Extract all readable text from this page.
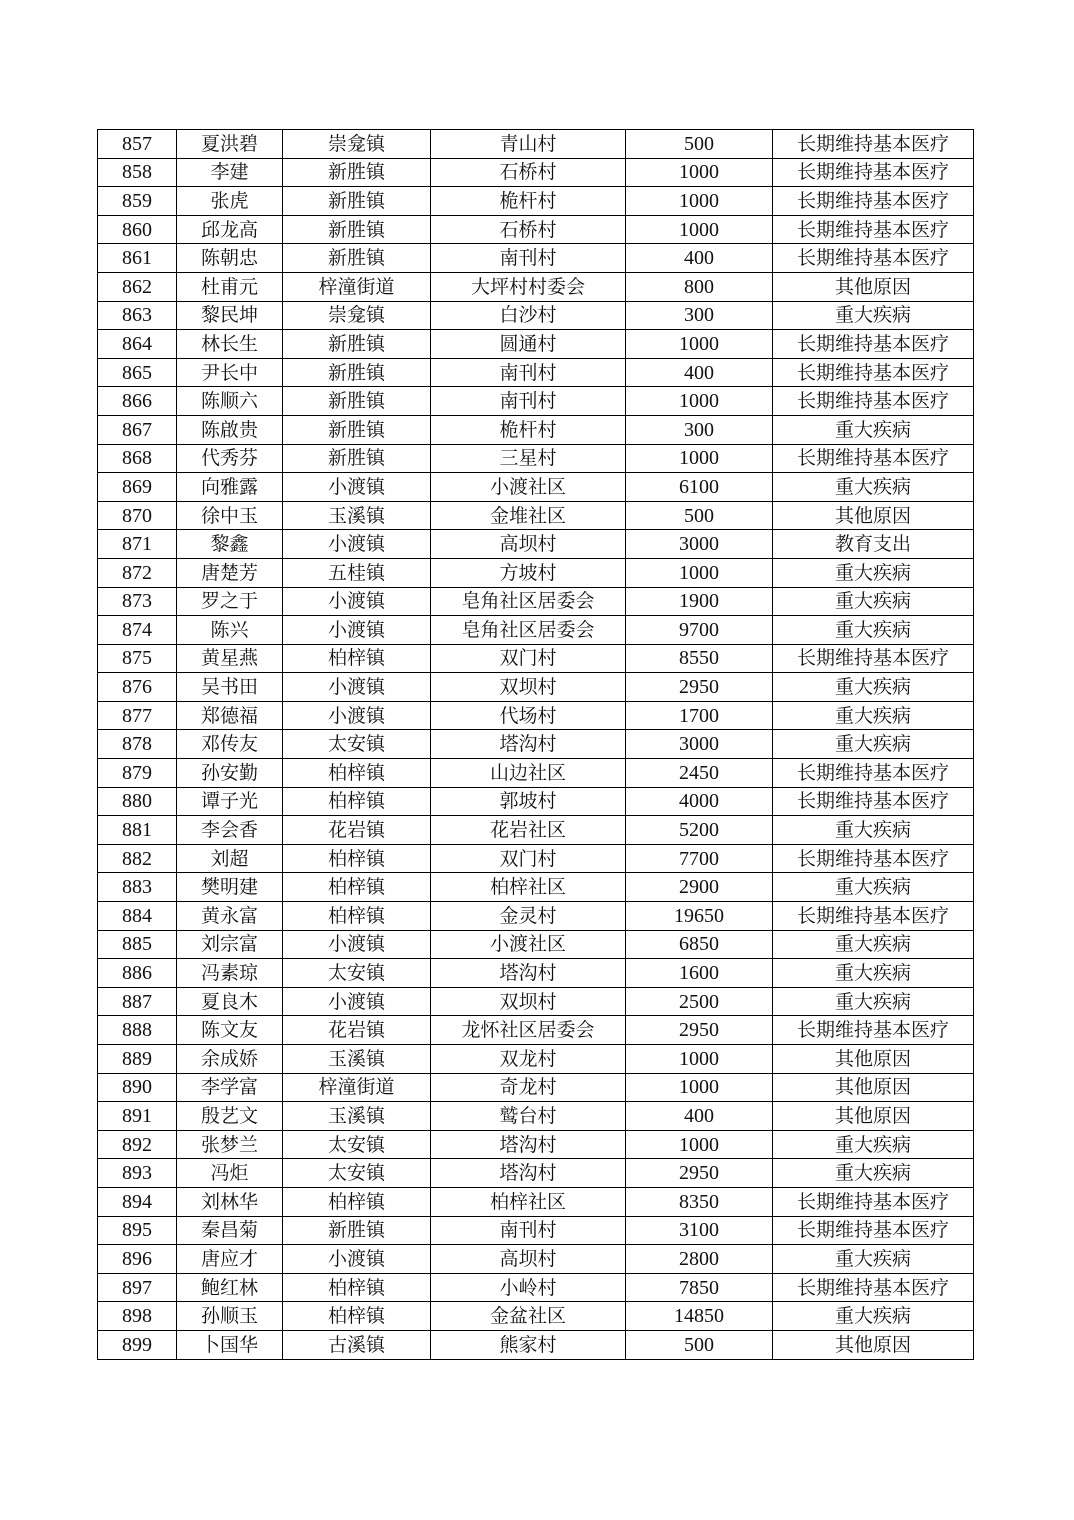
857	夏洪碧	崇龛镇	青山村	500	长期维持基本医疗
858	李建	新胜镇	石桥村	1000	长期维持基本医疗
859	张虎	新胜镇	桅杆村	1000	长期维持基本医疗
860	邱龙高	新胜镇	石桥村	1000	长期维持基本医疗
861	陈朝忠	新胜镇	南刊村	400	长期维持基本医疗
862	杜甫元	梓潼街道	大坪村村委会	800	其他原因
863	黎民坤	崇龛镇	白沙村	300	重大疾病
864	林长生	新胜镇	圆通村	1000	长期维持基本医疗
865	尹长中	新胜镇	南刊村	400	长期维持基本医疗
866	陈顺六	新胜镇	南刊村	1000	长期维持基本医疗
867	陈啟贵	新胜镇	桅杆村	300	重大疾病
868	代秀芬	新胜镇	三星村	1000	长期维持基本医疗
869	向雅露	小渡镇	小渡社区	6100	重大疾病
870	徐中玉	玉溪镇	金堆社区	500	其他原因
871	黎鑫	小渡镇	高坝村	3000	教育支出
872	唐楚芳	五桂镇	方坡村	1000	重大疾病
873	罗之于	小渡镇	皂角社区居委会	1900	重大疾病
874	陈兴	小渡镇	皂角社区居委会	9700	重大疾病
875	黄星燕	柏梓镇	双门村	8550	长期维持基本医疗
876	吴书田	小渡镇	双坝村	2950	重大疾病
877	郑德福	小渡镇	代场村	1700	重大疾病
878	邓传友	太安镇	塔沟村	3000	重大疾病
879	孙安勤	柏梓镇	山边社区	2450	长期维持基本医疗
880	谭子光	柏梓镇	郭坡村	4000	长期维持基本医疗
881	李会香	花岩镇	花岩社区	5200	重大疾病
882	刘超	柏梓镇	双门村	7700	长期维持基本医疗
883	樊明建	柏梓镇	柏梓社区	2900	重大疾病
884	黄永富	柏梓镇	金灵村	19650	长期维持基本医疗
885	刘宗富	小渡镇	小渡社区	6850	重大疾病
886	冯素琼	太安镇	塔沟村	1600	重大疾病
887	夏良木	小渡镇	双坝村	2500	重大疾病
888	陈文友	花岩镇	龙怀社区居委会	2950	长期维持基本医疗
889	余成娇	玉溪镇	双龙村	1000	其他原因
890	李学富	梓潼街道	奇龙村	1000	其他原因
891	殷艺文	玉溪镇	鹫台村	400	其他原因
892	张梦兰	太安镇	塔沟村	1000	重大疾病
893	冯炬	太安镇	塔沟村	2950	重大疾病
894	刘林华	柏梓镇	柏梓社区	8350	长期维持基本医疗
895	秦昌菊	新胜镇	南刊村	3100	长期维持基本医疗
896	唐应才	小渡镇	高坝村	2800	重大疾病
897	鲍红林	柏梓镇	小岭村	7850	长期维持基本医疗
898	孙顺玉	柏梓镇	金盆社区	14850	重大疾病
899	卜国华	古溪镇	熊家村	500	其他原因
